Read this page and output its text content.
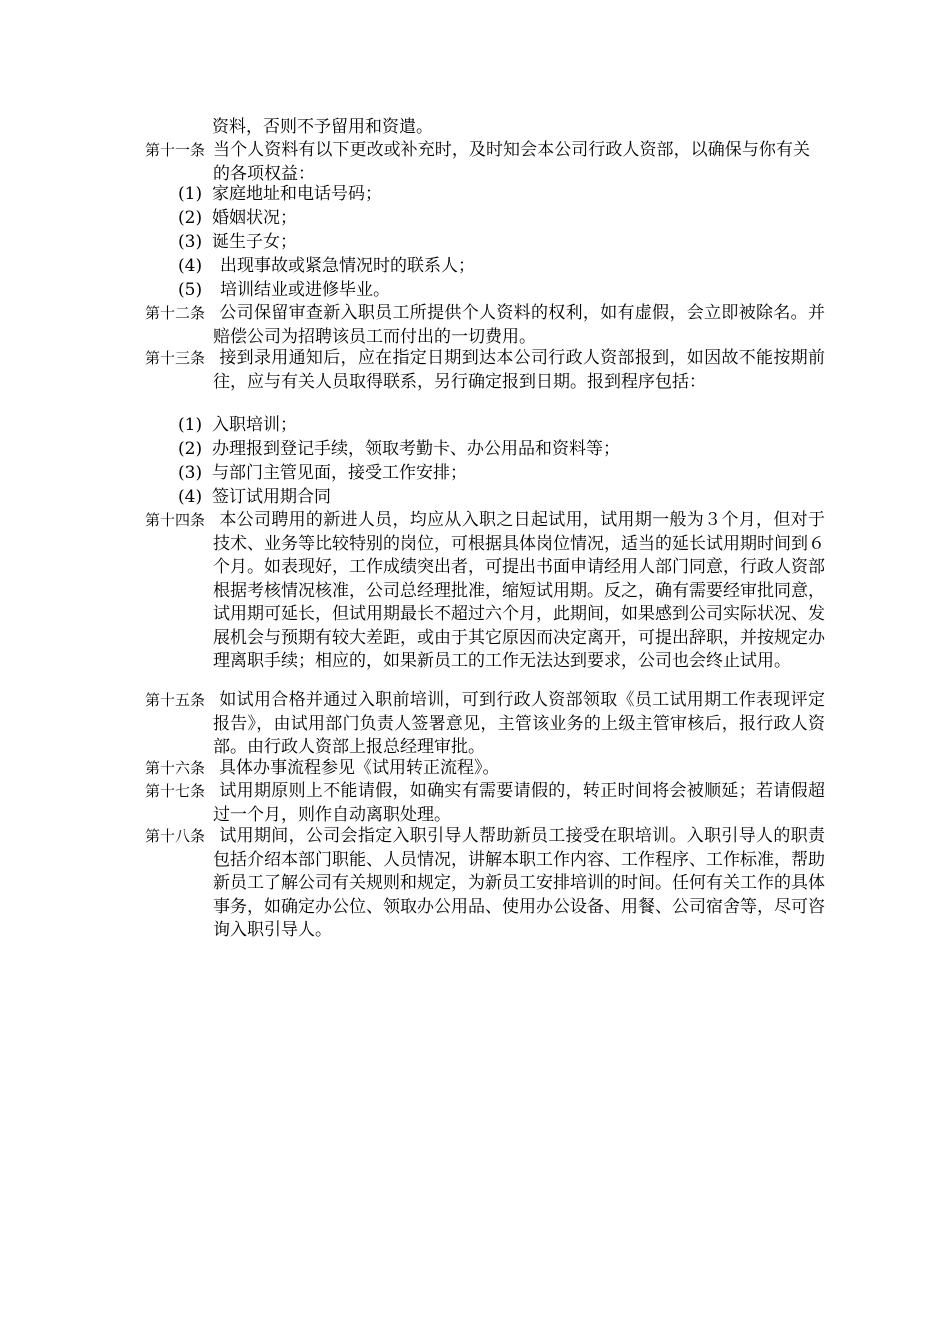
资料，否则不予留用和资遣。
第十一条 当个人资料有以下更改或补充时，及时知会本公司行政人资部，以确保与你有关的各项权益：
(1) 家庭地址和电话号码；
(2) 婚姻状况；
(3) 诞生子女；
(4) 出现事故或紧急情况时的联系人；
(5) 培训结业或进修毕业。
第十二条 公司保留审查新入职员工所提供个人资料的权利，如有虚假，会立即被除名。并赔偿公司为招聘该员工而付出的一切费用。
第十三条 接到录用通知后，应在指定日期到达本公司行政人资部报到，如因故不能按期前往，应与有关人员取得联系，另行确定报到日期。报到程序包括：
(1) 入职培训；
(2) 办理报到登记手续，领取考勤卡、办公用品和资料等；
(3) 与部门主管见面，接受工作安排；
(4) 签订试用期合同
第十四条 本公司聘用的新进人员，均应从入职之日起试用，试用期一般为３个月，但对于技术、业务等比较特别的岗位，可根据具体岗位情况，适当的延长试用期时间到６个月。如表现好，工作成绩突出者，可提出书面申请经用人部门同意，行政人资部根据考核情况核准，公司总经理批准，缩短试用期。反之，确有需要经审批同意，试用期可延长，但试用期最长不超过六个月，此期间，如果感到公司实际状况、发展机会与预期有较大差距，或由于其它原因而决定离开，可提出辞职，并按规定办理离职手续；相应的，如果新员工的工作无法达到要求，公司也会终止试用。
第十五条 如试用合格并通过入职前培训，可到行政人资部领取《员工试用期工作表现评定报告》，由试用部门负责人签署意见，主管该业务的上级主管审核后，报行政人资部。由行政人资部上报总经理审批。
第十六条 具体办事流程参见《试用转正流程》。
第十七条 试用期原则上不能请假，如确实有需要请假的，转正时间将会被顺延；若请假超过一个月，则作自动离职处理。
第十八条 试用期间，公司会指定入职引导人帮助新员工接受在职培训。入职引导人的职责包括介绍本部门职能、人员情况，讲解本职工作内容、工作程序、工作标准，帮助新员工了解公司有关规则和规定，为新员工安排培训的时间。任何有关工作的具体事务，如确定办公位、领取办公用品、使用办公设备、用餐、公司宿舍等，尽可咨询入职引导人。
